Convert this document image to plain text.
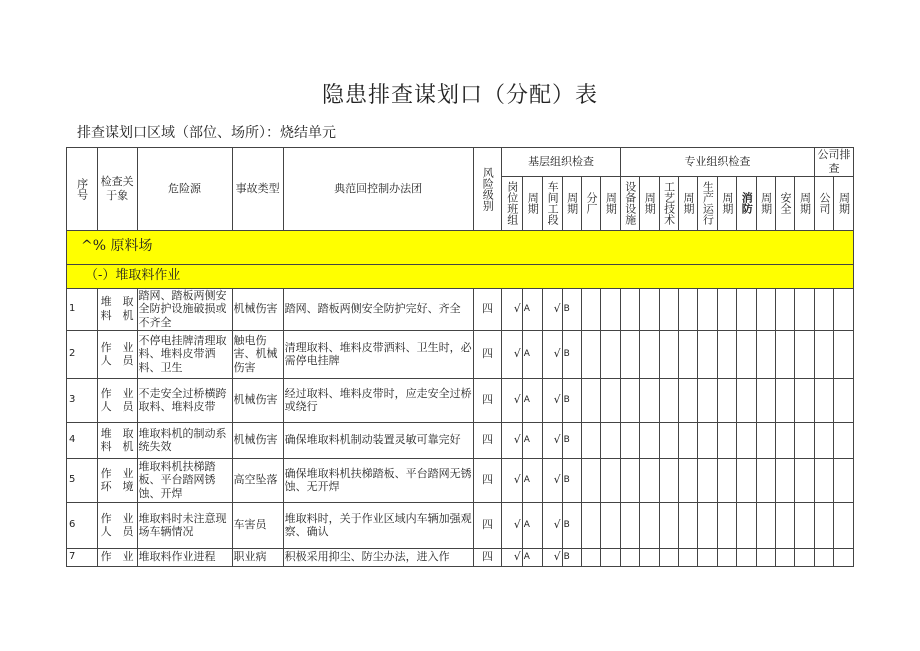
隐患排查谋划口（分配）表
排查谋划口区域（部位、场所）：烧结单元
序号	检查关于象	危险源	事故类型	典范回控制办法团	风险级别	基层组织检查						专业组织检查										公司排查	

						岗位班组	周期	车间工段	周期	分厂	周期	设备设施	周期	工艺技术	周期	生产运行	周期	消防	周期	安全	周期	公司	周期

^% 原料场																							
（-）堆取料作业																							
1	堆取料机	踏网、踏板两侧安全防护设施破损或不齐全	机械伤害	踏网、踏板两侧安全防护完好、齐全	四	√	A	√	B														
2	作业人员	不停电挂牌清理取料、堆料皮带洒料、卫生	触电伤害、机械伤害	清理取料、堆料皮带洒料、卫生时，必需停电挂牌	四	√	A	√	B														
3	作业人员	不走安全过桥横跨取料、堆料皮带	机械伤害	经过取料、堆料皮带时，应走安全过桥或绕行	四	√	A	√	B														
4	堆取料机	堆取料机的制动系统失效	机械伤害	确保堆取料机制动装置灵敏可靠完好	四	√	A	√	B														
5	作业环境	堆取料机扶梯踏板、平台踏网锈蚀、开焊	高空坠落	确保堆取料机扶梯踏板、平台踏网无锈蚀、无开焊	四	√	A	√	B														
6	作业人员	堆取料时未注意现场车辆情况	车害员	堆取料时，关于作业区域内车辆加强观察、确认	四	√	A	√	B														
7	作业	堆取料作业进程	职业病	积极采用抑尘、防尘办法，进入作	四	√	A	√	B														
